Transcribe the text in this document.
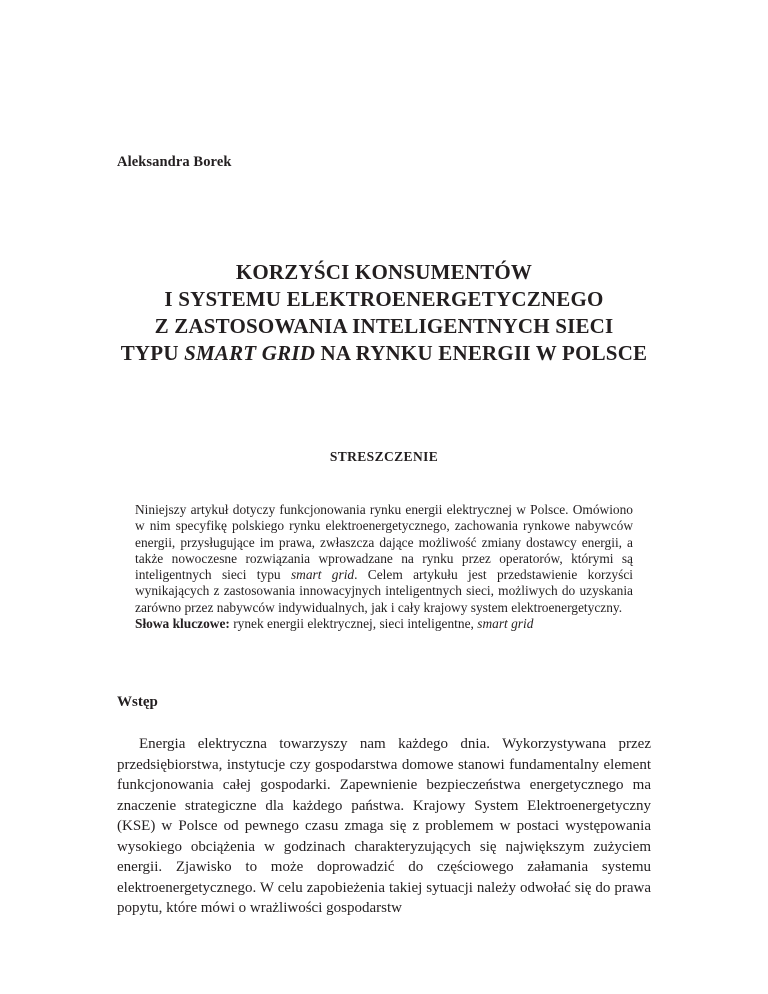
Aleksandra Borek

KORZYŚCI KONSUMENTÓW
I SYSTEMU ELEKTROENERGETYCZNEGO
Z ZASTOSOWANIA INTELIGENTNYCH SIECI
TYPU SMART GRID NA RYNKU ENERGII W POLSCE
STRESZCZENIE

Niniejszy artykuł dotyczy funkcjonowania rynku energii elektrycznej w Polsce. Omówiono w nim specyfikę polskiego rynku elektroenergetycznego, zachowania rynkowe nabywców energii, przysługujące im prawa, zwłaszcza dające możliwość zmiany dostawcy energii, a także nowoczesne rozwiązania wprowadzane na rynku przez operatorów, którymi są inteligentnych sieci typu smart grid. Celem artykułu jest przedstawienie korzyści wynikających z zastosowania innowacyjnych inteligentnych sieci, możliwych do uzyskania zarówno przez nabywców indywidualnych, jak i cały krajowy system elektroenergetyczny.

Słowa kluczowe: rynek energii elektrycznej, sieci inteligentne, smart grid

Wstęp

Energia elektryczna towarzyszy nam każdego dnia. Wykorzystywana przez przedsiębiorstwa, instytucje czy gospodarstwa domowe stanowi fundamentalny element funkcjonowania całej gospodarki. Zapewnienie bezpieczeństwa energetycznego ma znaczenie strategiczne dla każdego państwa. Krajowy System Elektroenergetyczny (KSE) w Polsce od pewnego czasu zmaga się z problemem w postaci występowania wysokiego obciążenia w godzinach charakteryzujących się największym zużyciem energii. Zjawisko to może doprowadzić do częściowego załamania systemu elektroenergetycznego. W celu zapobieżenia takiej sytuacji należy odwołać się do prawa popytu, które mówi o wrażliwości gospodarstw
